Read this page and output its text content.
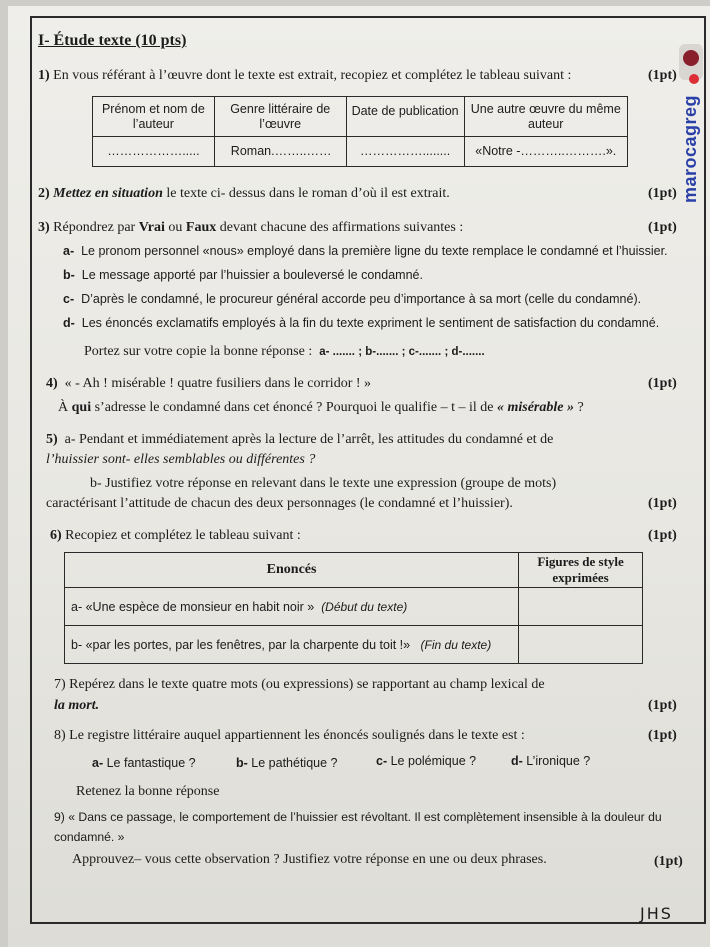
I- Étude texte (10 pts)
1) En vous référant à l’œuvre dont le texte est extrait, recopiez et complétez le tableau suivant :	(1pt)
Prénom et nom de l’auteur	Genre littéraire de l’œuvre	Date de publication	Une autre œuvre du même auteur
……………….....	Roman.……..……	……………........	«Notre -………..……….».
2) Mettez en situation le texte ci- dessus dans le roman d’où il est extrait.	(1pt)
3) Répondrez par Vrai ou Faux devant chacune des affirmations suivantes :	(1pt)
a- Le pronom personnel «nous» employé dans la première ligne du texte remplace le condamné et l’huissier.
b- Le message apporté par l’huissier a bouleversé le condamné.
c- D’après le condamné, le procureur général accorde peu d’importance à sa mort (celle du condamné).
d- Les énoncés exclamatifs employés à la fin du texte expriment le sentiment de satisfaction du condamné.
Portez sur votre copie la bonne réponse : a- ....... ; b-....... ; c-....... ; d-.......
4) « - Ah ! misérable ! quatre fusiliers dans le corridor ! »	(1pt)
À qui s’adresse le condamné dans cet énoncé ? Pourquoi le qualifie – t – il de « misérable » ?
5) a- Pendant et immédiatement après la lecture de l’arrêt, les attitudes du condamné et de
l’huissier sont- elles semblables ou différentes ?
b- Justifiez votre réponse en relevant dans le texte une expression (groupe de mots)
caractérisant l’attitude de chacun des deux personnages (le condamné et l’huissier).	(1pt)
6) Recopiez et complétez le tableau suivant :	(1pt)
Enoncés	Figures de style exprimées
a- «Une espèce de monsieur en habit noir » (Début du texte)	
b- «par les portes, par les fenêtres, par la charpente du toit !» (Fin du texte)	
7) Repérez dans le texte quatre mots (ou expressions) se rapportant au champ lexical de
la mort.	(1pt)
8) Le registre littéraire auquel appartiennent les énoncés soulignés dans le texte est :	(1pt)
a- Le fantastique ?	b- Le pathétique ?	c- Le polémique ?	d- L’ironique ?
Retenez la bonne réponse
9) « Dans ce passage, le comportement de l’huissier est révoltant. Il est complètement insensible à la douleur du
condamné. »
Approuvez– vous cette observation ? Justifiez votre réponse en une ou deux phrases.	(1pt)
JHS
marocagreg
